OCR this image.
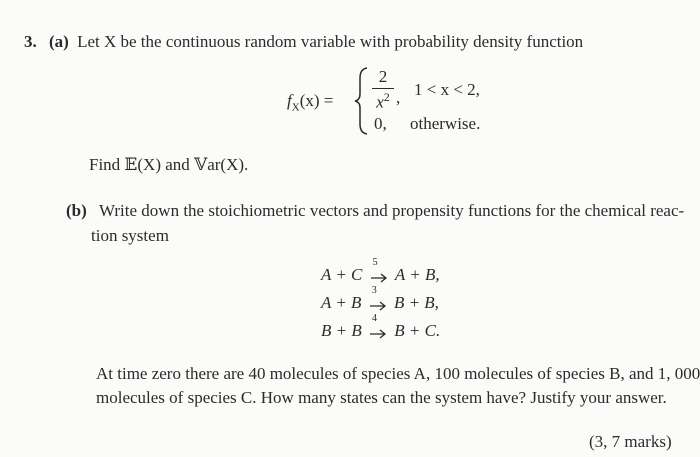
3. (a) Let X be the continuous random variable with probability density function
$f_X(x)$ =
2
$x^2$ , 1 < x < 2,
0, otherwise.
Find 𝔼(X) and 𝕍ar(X).
(b) Write down the stoichiometric vectors and propensity functions for the chemical reac-
tion system
A + C
5
A + B,
A + B
3
B + B,
B + B
4
B + C.
At time zero there are 40 molecules of species A, 100 molecules of species B, and 1, 000
molecules of species C. How many states can the system have? Justify your answer.
(3, 7 marks)
